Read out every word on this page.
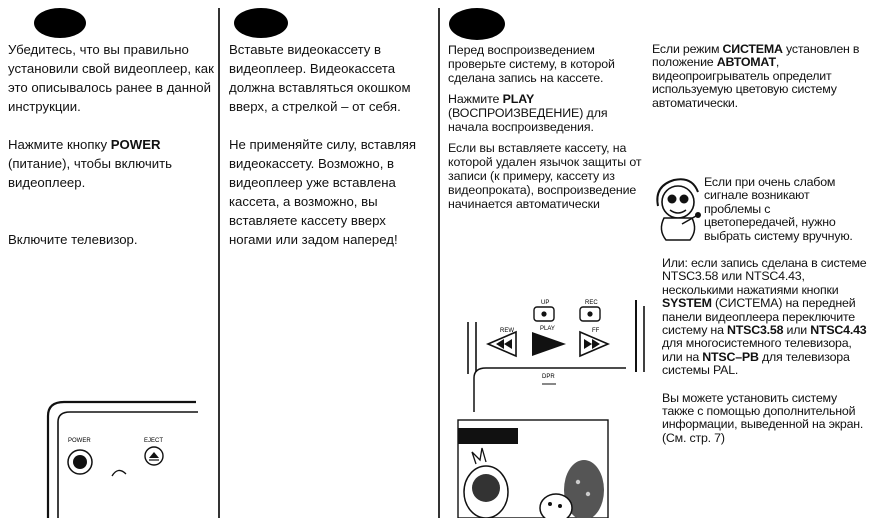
Убедитесь, что вы правильно установили свой видеоплеер, как это описывалось ранее в данной инструкции.

Нажмите кнопку POWER (питание), чтобы включить видеоплеер.

Включите телевизор.

POWER	EJECT

Вставьте видеокассету в видеоплеер. Видеокассета должна вставляться окошком вверх, а стрелкой – от себя.

Не применяйте силу, вставляя видеокассету. Возможно, в видеоплеер уже вставлена кассета, а возможно, вы вставляете кассету вверх ногами или задом наперед!

Перед воспроизведением проверьте систему, в которой сделана запись на кассете.

Нажмите PLAY (ВОСПРОИЗВЕДЕНИЕ) для начала воспроизведения.

Если вы вставляете кассету, на которой удален язычок защиты от записи (к примеру, кассету из видеопроката), воспроизведение начинается автоматически

UP	REC
REW	PLAY	FF
DPR

Если режим СИСТЕМА установлен в положение АВТОМАТ, видеопроигрыватель определит используемую цветовую систему автоматически.

Если при очень слабом сигнале возникают проблемы с цветопередачей, нужно выбрать систему вручную.

Или: если запись сделана в системе NTSC3.58 или NTSC4.43, несколькими нажатиями кнопки SYSTEM (СИСТЕМА) на передней панели видеоплеера переключите систему на NTSC3.58 или NTSC4.43 для многосистемного телевизора, или на NTSC–PB для телевизора системы PAL.

Вы можете установить систему также с помощью дополнительной информации, выведенной на экран. (См. стр. 7)
